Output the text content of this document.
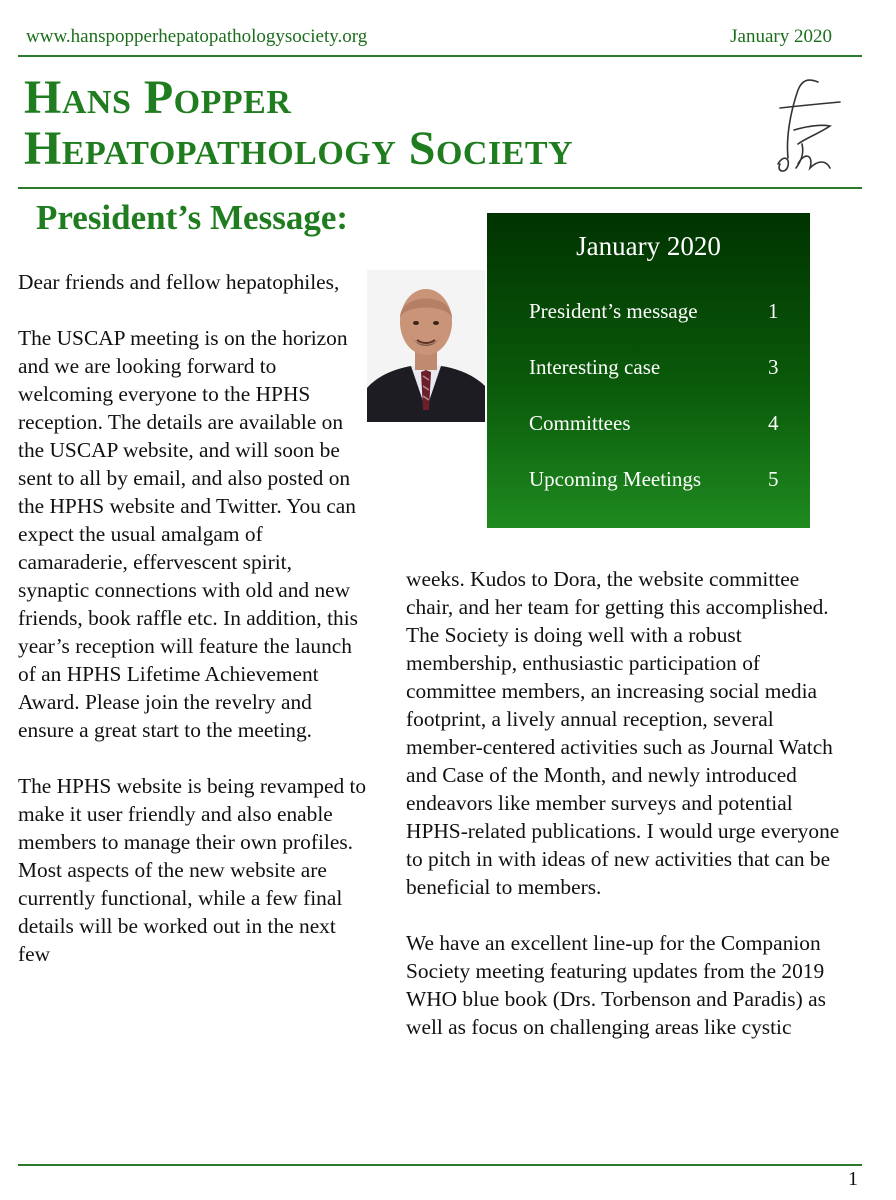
www.hanspopperhepatopathologysociety.org	January 2020
Hans Popper
Hepatopathology Society
President’s Message:
January 2020
President’s message	1
Interesting case	3
Committees	4
Upcoming Meetings	5

Dear friends and fellow hepatophiles,

The USCAP meeting is on the horizon and we are looking forward to welcoming everyone to the HPHS reception. The details are available on the USCAP website, and will soon be sent to all by email, and also posted on the HPHS website and Twitter. You can expect the usual amalgam of camaraderie, effervescent spirit, synaptic connections with old and new friends, book raffle etc. In addition, this year’s reception will feature the launch of an HPHS Lifetime Achievement Award. Please join the revelry and ensure a great start to the meeting.

The HPHS website is being revamped to make it user friendly and also enable members to manage their own profiles. Most aspects of the new website are currently functional, while a few final details will be worked out in the next few

weeks. Kudos to Dora, the website committee chair, and her team for getting this accomplished. The Society is doing well with a robust membership, enthusiastic participation of committee members, an increasing social media footprint, a lively annual reception, several member-centered activities such as Journal Watch and Case of the Month, and newly introduced endeavors like member surveys and potential HPHS-related publications. I would urge everyone to pitch in with ideas of new activities that can be beneficial to members.

We have an excellent line-up for the Companion Society meeting featuring updates from the 2019 WHO blue book (Drs. Torbenson and Paradis) as well as focus on challenging areas like cystic

1
